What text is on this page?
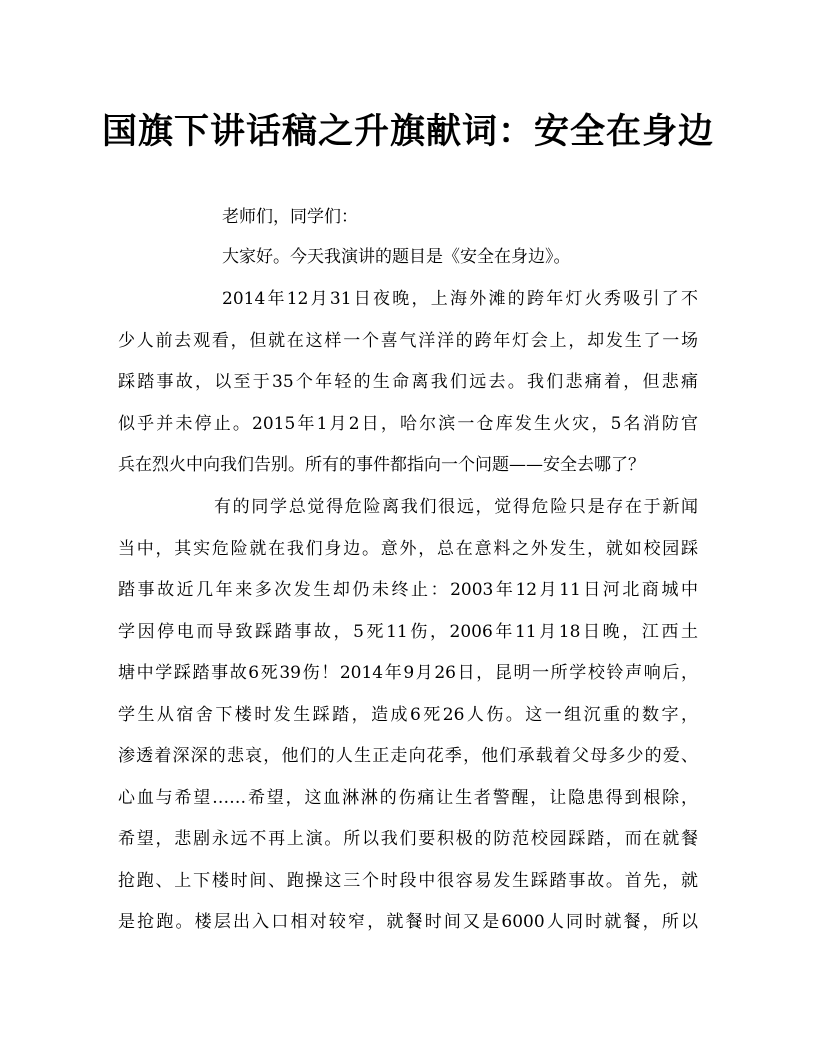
国旗下讲话稿之升旗献词：安全在身边
老师们，同学们：
大家好。今天我演讲的题目是《安全在身边》。
2014年12月31日夜晚，上海外滩的跨年灯火秀吸引了不
少人前去观看，但就在这样一个喜气洋洋的跨年灯会上，却发生了一场
踩踏事故，以至于35个年轻的生命离我们远去。我们悲痛着，但悲痛
似乎并未停止。2015年1月2日，哈尔滨一仓库发生火灾，5名消防官
兵在烈火中向我们告别。所有的事件都指向一个问题——安全去哪了？
有的同学总觉得危险离我们很远，觉得危险只是存在于新闻
当中，其实危险就在我们身边。意外，总在意料之外发生，就如校园踩
踏事故近几年来多次发生却仍未终止：2003年12月11日河北商城中
学因停电而导致踩踏事故，5死11伤，2006年11月18日晚，江西土
塘中学踩踏事故6死39伤！2014年9月26日，昆明一所学校铃声响后，
学生从宿舍下楼时发生踩踏，造成6死26人伤。这一组沉重的数字，
渗透着深深的悲哀，他们的人生正走向花季，他们承载着父母多少的爱、
心血与希望……希望，这血淋淋的伤痛让生者警醒，让隐患得到根除，
希望，悲剧永远不再上演。所以我们要积极的防范校园踩踏，而在就餐
抢跑、上下楼时间、跑操这三个时段中很容易发生踩踏事故。首先，就
是抢跑。楼层出入口相对较窄，就餐时间又是6000人同时就餐，所以
